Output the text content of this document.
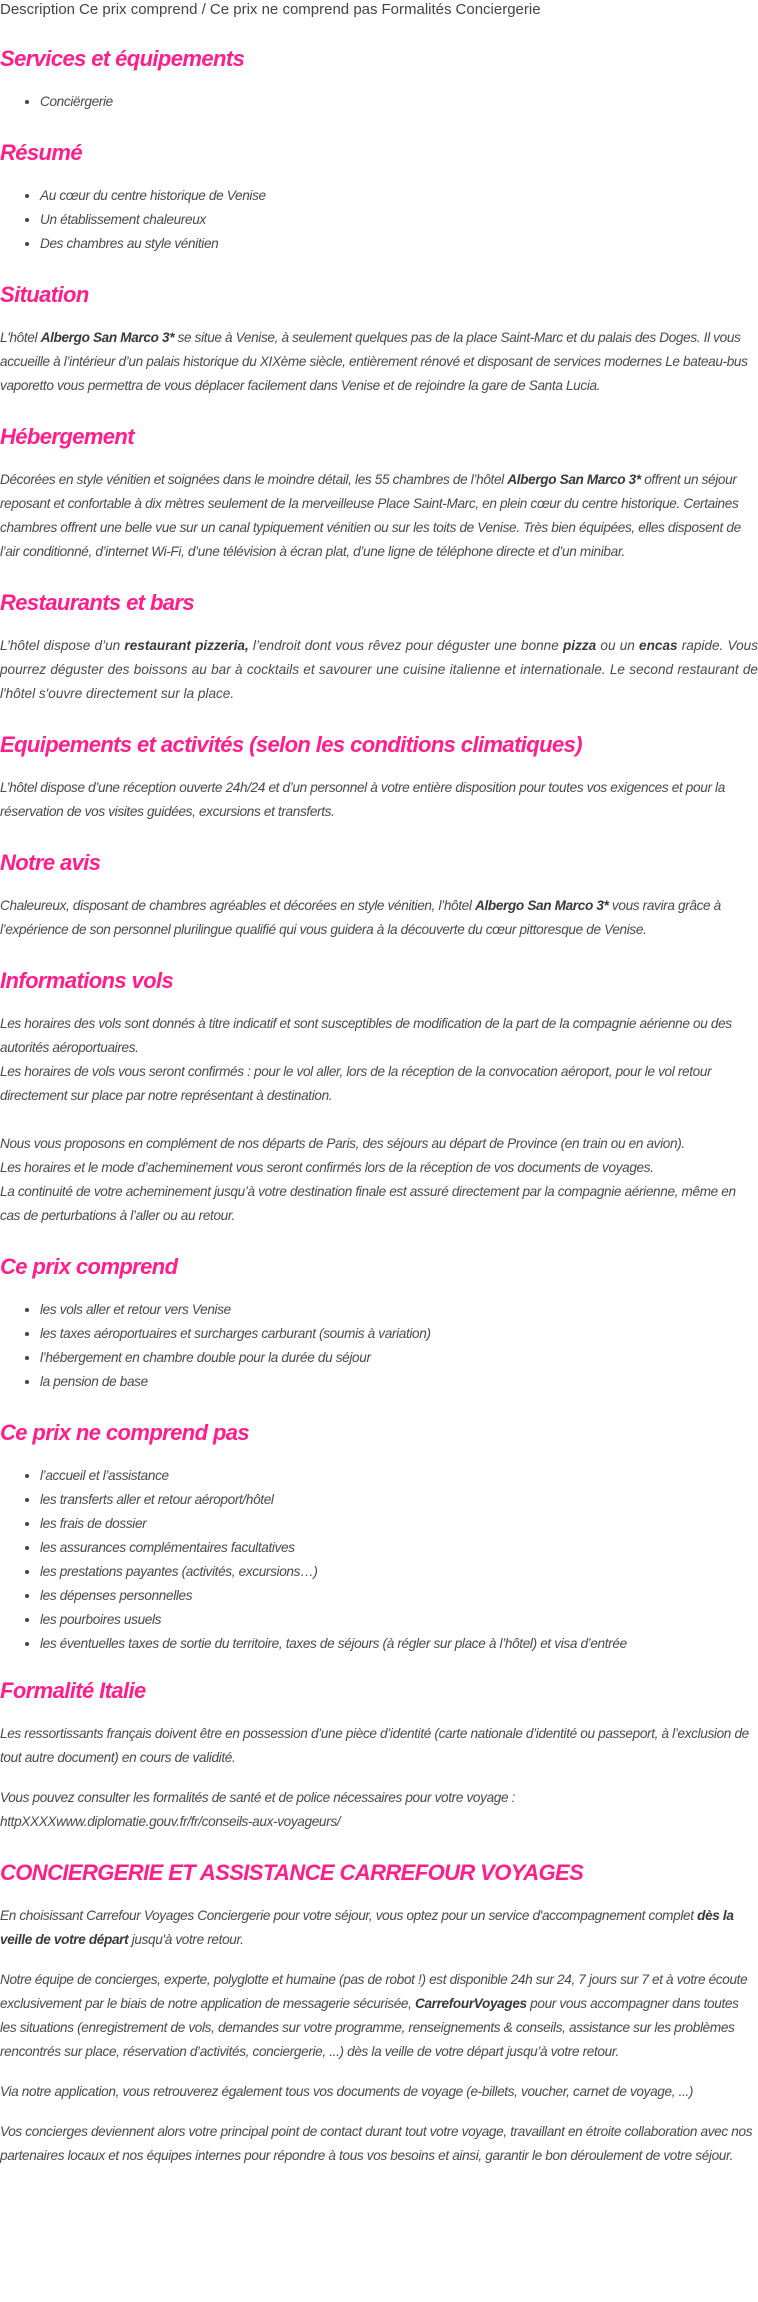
Description Ce prix comprend / Ce prix ne comprend pas Formalités Conciergerie
Services et équipements
• Conciërgerie
Résumé
• Au cœur du centre historique de Venise
• Un établissement chaleureux
• Des chambres au style vénitien
Situation

L'hôtel Albergo San Marco 3* se situe à Venise, à seulement quelques pas de la place Saint-Marc et du palais des Doges. Il vous accueille à l’intérieur d’un palais historique du XIXème siècle, entièrement rénové et disposant de services modernes Le bateau-bus vaporetto vous permettra de vous déplacer facilement dans Venise et de rejoindre la gare de Santa Lucia.

Hébergement

Décorées en style vénitien et soignées dans le moindre détail, les 55 chambres de l’hôtel Albergo San Marco 3* offrent un séjour reposant et confortable à dix mètres seulement de la merveilleuse Place Saint-Marc, en plein cœur du centre historique. Certaines chambres offrent une belle vue sur un canal typiquement vénitien ou sur les toits de Venise. Très bien équipées, elles disposent de l’air conditionné, d’internet Wi-Fi, d’une télévision à écran plat, d’une ligne de téléphone directe et d’un minibar.

Restaurants et bars

L’hôtel dispose d’un restaurant pizzeria, l’endroit dont vous rêvez pour déguster une bonne pizza ou un encas rapide. Vous pourrez déguster des boissons au bar à cocktails et savourer une cuisine italienne et internationale. Le second restaurant de l'hôtel s'ouvre directement sur la place.

Equipements et activités (selon les conditions climatiques)

L’hôtel dispose d’une réception ouverte 24h/24 et d’un personnel à votre entière disposition pour toutes vos exigences et pour la réservation de vos visites guidées, excursions et transferts.

Notre avis

Chaleureux, disposant de chambres agréables et décorées en style vénitien, l’hôtel Albergo San Marco 3* vous ravira grâce à l’expérience de son personnel plurilingue qualifié qui vous guidera à la découverte du cœur pittoresque de Venise.

Informations vols

Les horaires des vols sont donnés à titre indicatif et sont susceptibles de modification de la part de la compagnie aérienne ou des autorités aéroportuaires.

Les horaires de vols vous seront confirmés : pour le vol aller, lors de la réception de la convocation aéroport, pour le vol retour directement sur place par notre représentant à destination.

Nous vous proposons en complément de nos départs de Paris, des séjours au départ de Province (en train ou en avion).

Les horaires et le mode d’acheminement vous seront confirmés lors de la réception de vos documents de voyages.

La continuité de votre acheminement jusqu’à votre destination finale est assuré directement par la compagnie aérienne, même en cas de perturbations à l’aller ou au retour.

Ce prix comprend
• les vols aller et retour vers Venise
• les taxes aéroportuaires et surcharges carburant (soumis à variation)
• l’hébergement en chambre double pour la durée du séjour
• la pension de base
Ce prix ne comprend pas
• l’accueil et l’assistance
• les transferts aller et retour aéroport/hôtel
• les frais de dossier
• les assurances complémentaires facultatives
• les prestations payantes (activités, excursions…)
• les dépenses personnelles
• les pourboires usuels
• les éventuelles taxes de sortie du territoire, taxes de séjours (à régler sur place à l’hôtel) et visa d’entrée
Formalité Italie

Les ressortissants français doivent être en possession d’une pièce d’identité (carte nationale d’identité ou passeport, à l’exclusion de tout autre document) en cours de validité.

Vous pouvez consulter les formalités de santé et de police nécessaires pour votre voyage :

httpXXXXwww.diplomatie.gouv.fr/fr/conseils-aux-voyageurs/

CONCIERGERIE ET ASSISTANCE CARREFOUR VOYAGES

En choisissant Carrefour Voyages Conciergerie pour votre séjour, vous optez pour un service d'accompagnement complet dès la veille de votre départ jusqu'à votre retour.

Notre équipe de concierges, experte, polyglotte et humaine (pas de robot !) est disponible 24h sur 24, 7 jours sur 7 et à votre écoute exclusivement par le biais de notre application de messagerie sécurisée, CarrefourVoyages pour vous accompagner dans toutes les situations (enregistrement de vols, demandes sur votre programme, renseignements & conseils, assistance sur les problèmes rencontrés sur place, réservation d’activités, conciergerie, ...) dès la veille de votre départ jusqu’à votre retour.

Via notre application, vous retrouverez également tous vos documents de voyage (e-billets, voucher, carnet de voyage, ...)

Vos concierges deviennent alors votre principal point de contact durant tout votre voyage, travaillant en étroite collaboration avec nos partenaires locaux et nos équipes internes pour répondre à tous vos besoins et ainsi, garantir le bon déroulement de votre séjour.
